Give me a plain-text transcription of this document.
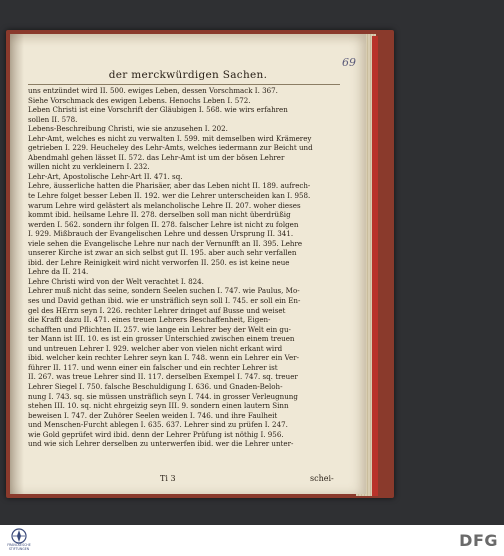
69
der merckwürdigen Sachen.
uns entzündet wird II. 500. ewiges Leben, dessen Vorschmack I. 367.
Siehe Vorschmack des ewigen Lebens. Henochs Leben I. 572.
Leben Christi ist eine Vorschrift der Gläubigen I. 568. wie wirs erfahren
sollen II. 578.
Lebens-Beschreibung Christi, wie sie anzusehen I. 202.
Lehr-Amt, welches es nicht zu verwalten I. 599. mit demselben wird Krämerey
getrieben I. 229. Heucheley des Lehr-Amts, welches iedermann zur Beicht und
Abendmahl gehen lässet II. 572. das Lehr-Amt ist um der bösen Lehrer
willen nicht zu verkleinern I. 232.
Lehr-Art, Apostolische Lehr-Art II. 471. sq.
Lehre, äusserliche hatten die Pharisäer, aber das Leben nicht II. 189. aufrech-
te Lehre folget besser Leben II. 192. wer die Lehrer unterscheiden kan I. 958.
warum Lehre wird gelästert als melancholische Lehre II. 207. woher dieses
kommt ibid. heilsame Lehre II. 278. derselben soll man nicht überdrüßig
werden I. 562. sondern ihr folgen II. 278. falscher Lehre ist nicht zu folgen
I. 929. Mißbrauch der Evangelischen Lehre und dessen Ursprung II. 341.
viele sehen die Evangelische Lehre nur nach der Vernunfft an II. 395. Lehre
unserer Kirche ist zwar an sich selbst gut II. 195. aber auch sehr verfallen
ibid. der Lehre Reinigkeit wird nicht verworfen II. 250. es ist keine neue
Lehre da II. 214.
Lehre Christi wird von der Welt verachtet I. 824.
Lehrer muß nicht das seine, sondern Seelen suchen I. 747. wie Paulus, Mo-
ses und David gethan ibid. wie er unsträflich seyn soll I. 745. er soll ein En-
gel des HErrn seyn I. 226. rechter Lehrer dringet auf Busse und weiset
die Krafft dazu II. 471. eines treuen Lehrers Beschaffenheit, Eigen-
schafften und Pflichten II. 257. wie lange ein Lehrer bey der Welt ein gu-
ter Mann ist III. 10. es ist ein grosser Unterschied zwischen einem treuen
und untreuen Lehrer I. 929. welcher aber von vielen nicht erkant wird
ibid. welcher kein rechter Lehrer seyn kan I. 748. wenn ein Lehrer ein Ver-
führer II. 117. und wenn einer ein falscher und ein rechter Lehrer ist
II. 267. was treue Lehrer sind II. 117. derselben Exempel I. 747. sq. treuer
Lehrer Siegel I. 750. falsche Beschuldigung I. 636. und Gnaden-Beloh-
nung I. 743. sq. sie müssen unsträflich seyn I. 744. in grosser Verleugnung
stehen III. 10. sq. nicht ehrgeizig seyn III. 9. sondern einen lautern Sinn
beweisen I. 747. der Zuhörer Seelen weiden I. 746. und ihre Faulheit
und Menschen-Furcht ablegen I. 635. 637. Lehrer sind zu prüfen I. 247.
wie Gold geprüfet wird ibid. denn der Lehrer Prüfung ist nöthig I. 956.
und wie sich Lehrer derselben zu unterwerfen ibid. wer die Lehrer unter-
Ti 3	schei-
FRANCKESCHE STIFTUNGEN	DFG
